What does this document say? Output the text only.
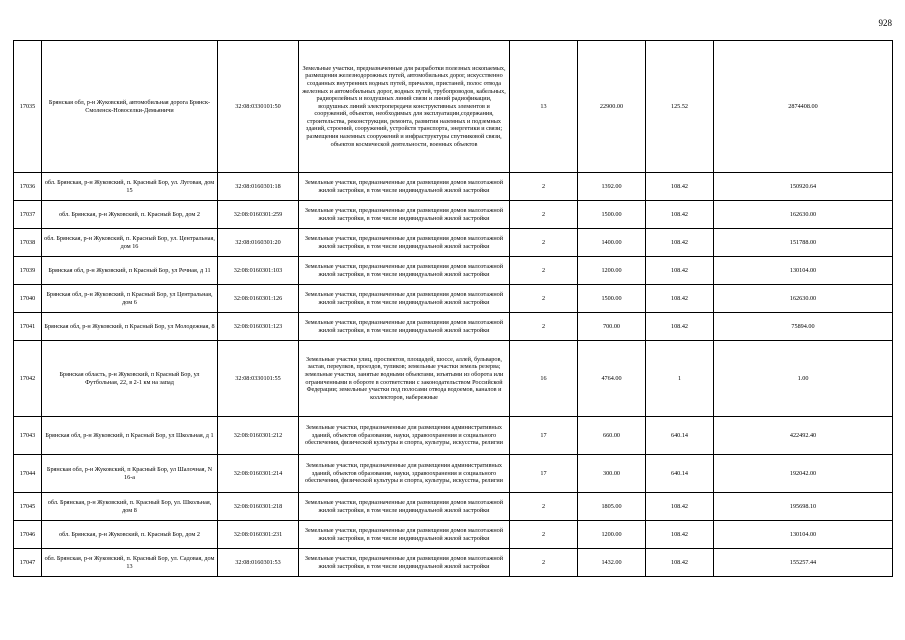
928
17035	Брянская обл, р-н Жуковский, автомобильная дорога Брянск-Смоленск-Новоселки-Демьяничи	32:08:0330101:50	Земельные участки, предназначенные для разработки полезных ископаемых, размещения железнодорожных путей, автомобильных дорог, искусственно созданных внутренних водных путей, причалов, пристаней, полос отвода железных и автомобильных дорог, водных путей, трубопроводов, кабельных, радиорелейных и воздушных линий связи и линий радиофикации, воздушных линий электропередачи конструктивных элементов и сооружений, объектов, необходимых для эксплуатации,содержания, строительства, реконструкции, ремонта, развития наземных и подземных зданий, строений, сооружений, устройств транспорта, энергетики и связи; размещения наземных сооружений и инфраструктуры спутниковой связи, объектов космической деятельности, военных объектов	13	22900.00	125.52	2874408.00
17036	обл. Брянская, р-н Жуковский, п. Красный Бор, ул. Луговая, дом 15	32:08:0160301:18	Земельные участки, предназначенные для размещения домов малоэтажной жилой застройки, в том числе индивидуальной жилой застройки	2	1392.00	108.42	150920.64
17037	обл. Брянская, р-н Жуковский, п. Красный Бор, дом 2	32:08:0160301:259	Земельные участки, предназначенные для размещения домов малоэтажной жилой застройки, в том числе индивидуальной жилой застройки	2	1500.00	108.42	162630.00
17038	обл. Брянская, р-н Жуковский, п. Красный Бор, ул. Центральная, дом 16	32:08:0160301:20	Земельные участки, предназначенные для размещения домов малоэтажной жилой застройки, в том числе индивидуальной жилой застройки	2	1400.00	108.42	151788.00
17039	Брянская обл, р-н Жуковский, п Красный Бор, ул Речная, д 11	32:08:0160301:103	Земельные участки, предназначенные для размещения домов малоэтажной жилой застройки, в том числе индивидуальной жилой застройки	2	1200.00	108.42	130104.00
17040	Брянская обл, р-н Жуковский, п Красный Бор, ул Центральная, дом 6	32:08:0160301:126	Земельные участки, предназначенные для размещения домов малоэтажной жилой застройки, в том числе индивидуальной жилой застройки	2	1500.00	108.42	162630.00
17041	Брянская обл, р-н Жуковский, п Красный Бор, ул Молодежная, 8	32:08:0160301:123	Земельные участки, предназначенные для размещения домов малоэтажной жилой застройки, в том числе индивидуальной жилой застройки	2	700.00	108.42	75894.00
17042	Брянская область, р-н Жуковский, п Красный Бор, ул Футбольная, 22, в 2-1 км на запад	32:08:0330101:55	Земельные участки улиц, проспектов, площадей, шоссе, аллей, бульваров, застав, переулков, проездов, тупиков; земельные участки земель резерва; земельные участки, занятые водными объектами, изъятыми из оборота или ограниченными в обороте в соответствии с законодательством Российской Федерации; земельные участки под полосами отвода водоемов, каналов и коллекторов, набережные	16	4764.00	1	1.00
17043	Брянская обл, р-н Жуковский, п Красный Бор, ул Школьная, д 1	32:08:0160301:212	Земельные участки, предназначенные для размещения административных зданий, объектов образования, науки, здравоохранения и социального обеспечения, физической культуры и спорта, культуры, искусства, религии	17	660.00	640.14	422492.40
17044	Брянская обл, р-н Жуковский, п Красный Бор, ул Шалочная, N 16-а	32:08:0160301:214	Земельные участки, предназначенные для размещения административных зданий, объектов образования, науки, здравоохранения и социального обеспечения, физической культуры и спорта, культуры, искусства, религии	17	300.00	640.14	192042.00
17045	обл. Брянская, р-н Жуковский, п. Красный Бор, ул. Школьная, дом 8	32:08:0160301:218	Земельные участки, предназначенные для размещения домов малоэтажной жилой застройки, в том числе индивидуальной жилой застройки	2	1805.00	108.42	195698.10
17046	обл. Брянская, р-н Жуковский, п. Красный Бор, дом 2	32:08:0160301:231	Земельные участки, предназначенные для размещения домов малоэтажной жилой застройки, в том числе индивидуальной жилой застройки	2	1200.00	108.42	130104.00
17047	обл. Брянская, р-н Жуковский, п. Красный Бор, ул. Садовая, дом 13	32:08:0160301:53	Земельные участки, предназначенные для размещения домов малоэтажной жилой застройки, в том числе индивидуальной жилой застройки	2	1432.00	108.42	155257.44
